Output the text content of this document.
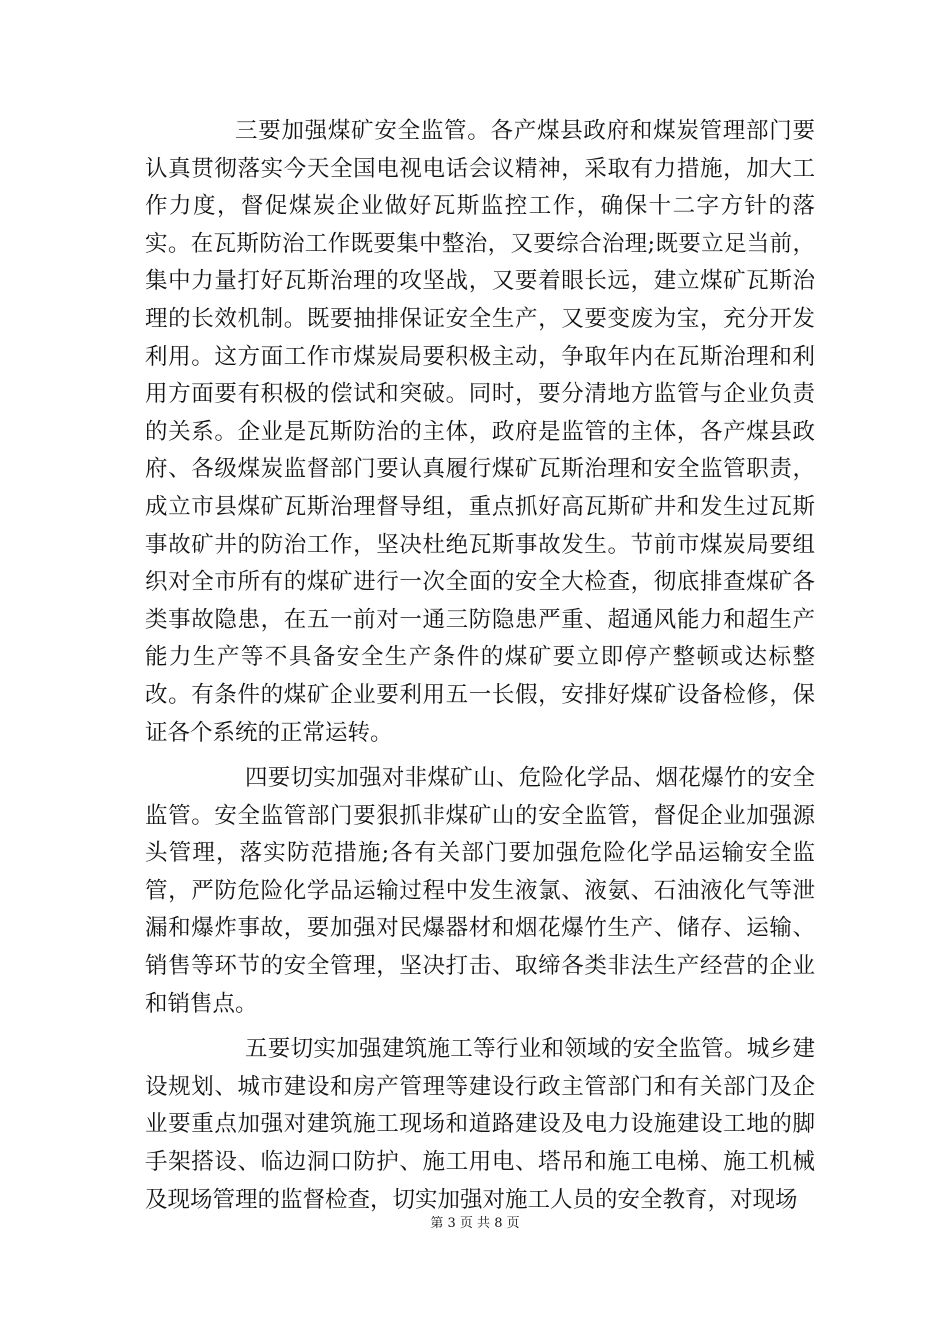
三要加强煤矿安全监管。各产煤县政府和煤炭管理部门要认真贯彻落实今天全国电视电话会议精神，采取有力措施，加大工作力度，督促煤炭企业做好瓦斯监控工作，确保十二字方针的落实。在瓦斯防治工作既要集中整治，又要综合治理;既要立足当前，集中力量打好瓦斯治理的攻坚战，又要着眼长远，建立煤矿瓦斯治理的长效机制。既要抽排保证安全生产，又要变废为宝，充分开发利用。这方面工作市煤炭局要积极主动，争取年内在瓦斯治理和利用方面要有积极的偿试和突破。同时，要分清地方监管与企业负责的关系。企业是瓦斯防治的主体，政府是监管的主体，各产煤县政府、各级煤炭监督部门要认真履行煤矿瓦斯治理和安全监管职责，成立市县煤矿瓦斯治理督导组，重点抓好高瓦斯矿井和发生过瓦斯事故矿井的防治工作，坚决杜绝瓦斯事故发生。节前市煤炭局要组织对全市所有的煤矿进行一次全面的安全大检查，彻底排查煤矿各类事故隐患，在五一前对一通三防隐患严重、超通风能力和超生产能力生产等不具备安全生产条件的煤矿要立即停产整顿或达标整改。有条件的煤矿企业要利用五一长假，安排好煤矿设备检修，保证各个系统的正常运转。

四要切实加强对非煤矿山、危险化学品、烟花爆竹的安全监管。安全监管部门要狠抓非煤矿山的安全监管，督促企业加强源头管理，落实防范措施;各有关部门要加强危险化学品运输安全监管，严防危险化学品运输过程中发生液氯、液氨、石油液化气等泄漏和爆炸事故，要加强对民爆器材和烟花爆竹生产、储存、运输、销售等环节的安全管理，坚决打击、取缔各类非法生产经营的企业和销售点。

五要切实加强建筑施工等行业和领域的安全监管。城乡建设规划、城市建设和房产管理等建设行政主管部门和有关部门及企业要重点加强对建筑施工现场和道路建设及电力设施建设工地的脚手架搭设、临边洞口防护、施工用电、塔吊和施工电梯、施工机械及现场管理的监督检查，切实加强对施工人员的安全教育，对现场

第 3 页 共 8 页
